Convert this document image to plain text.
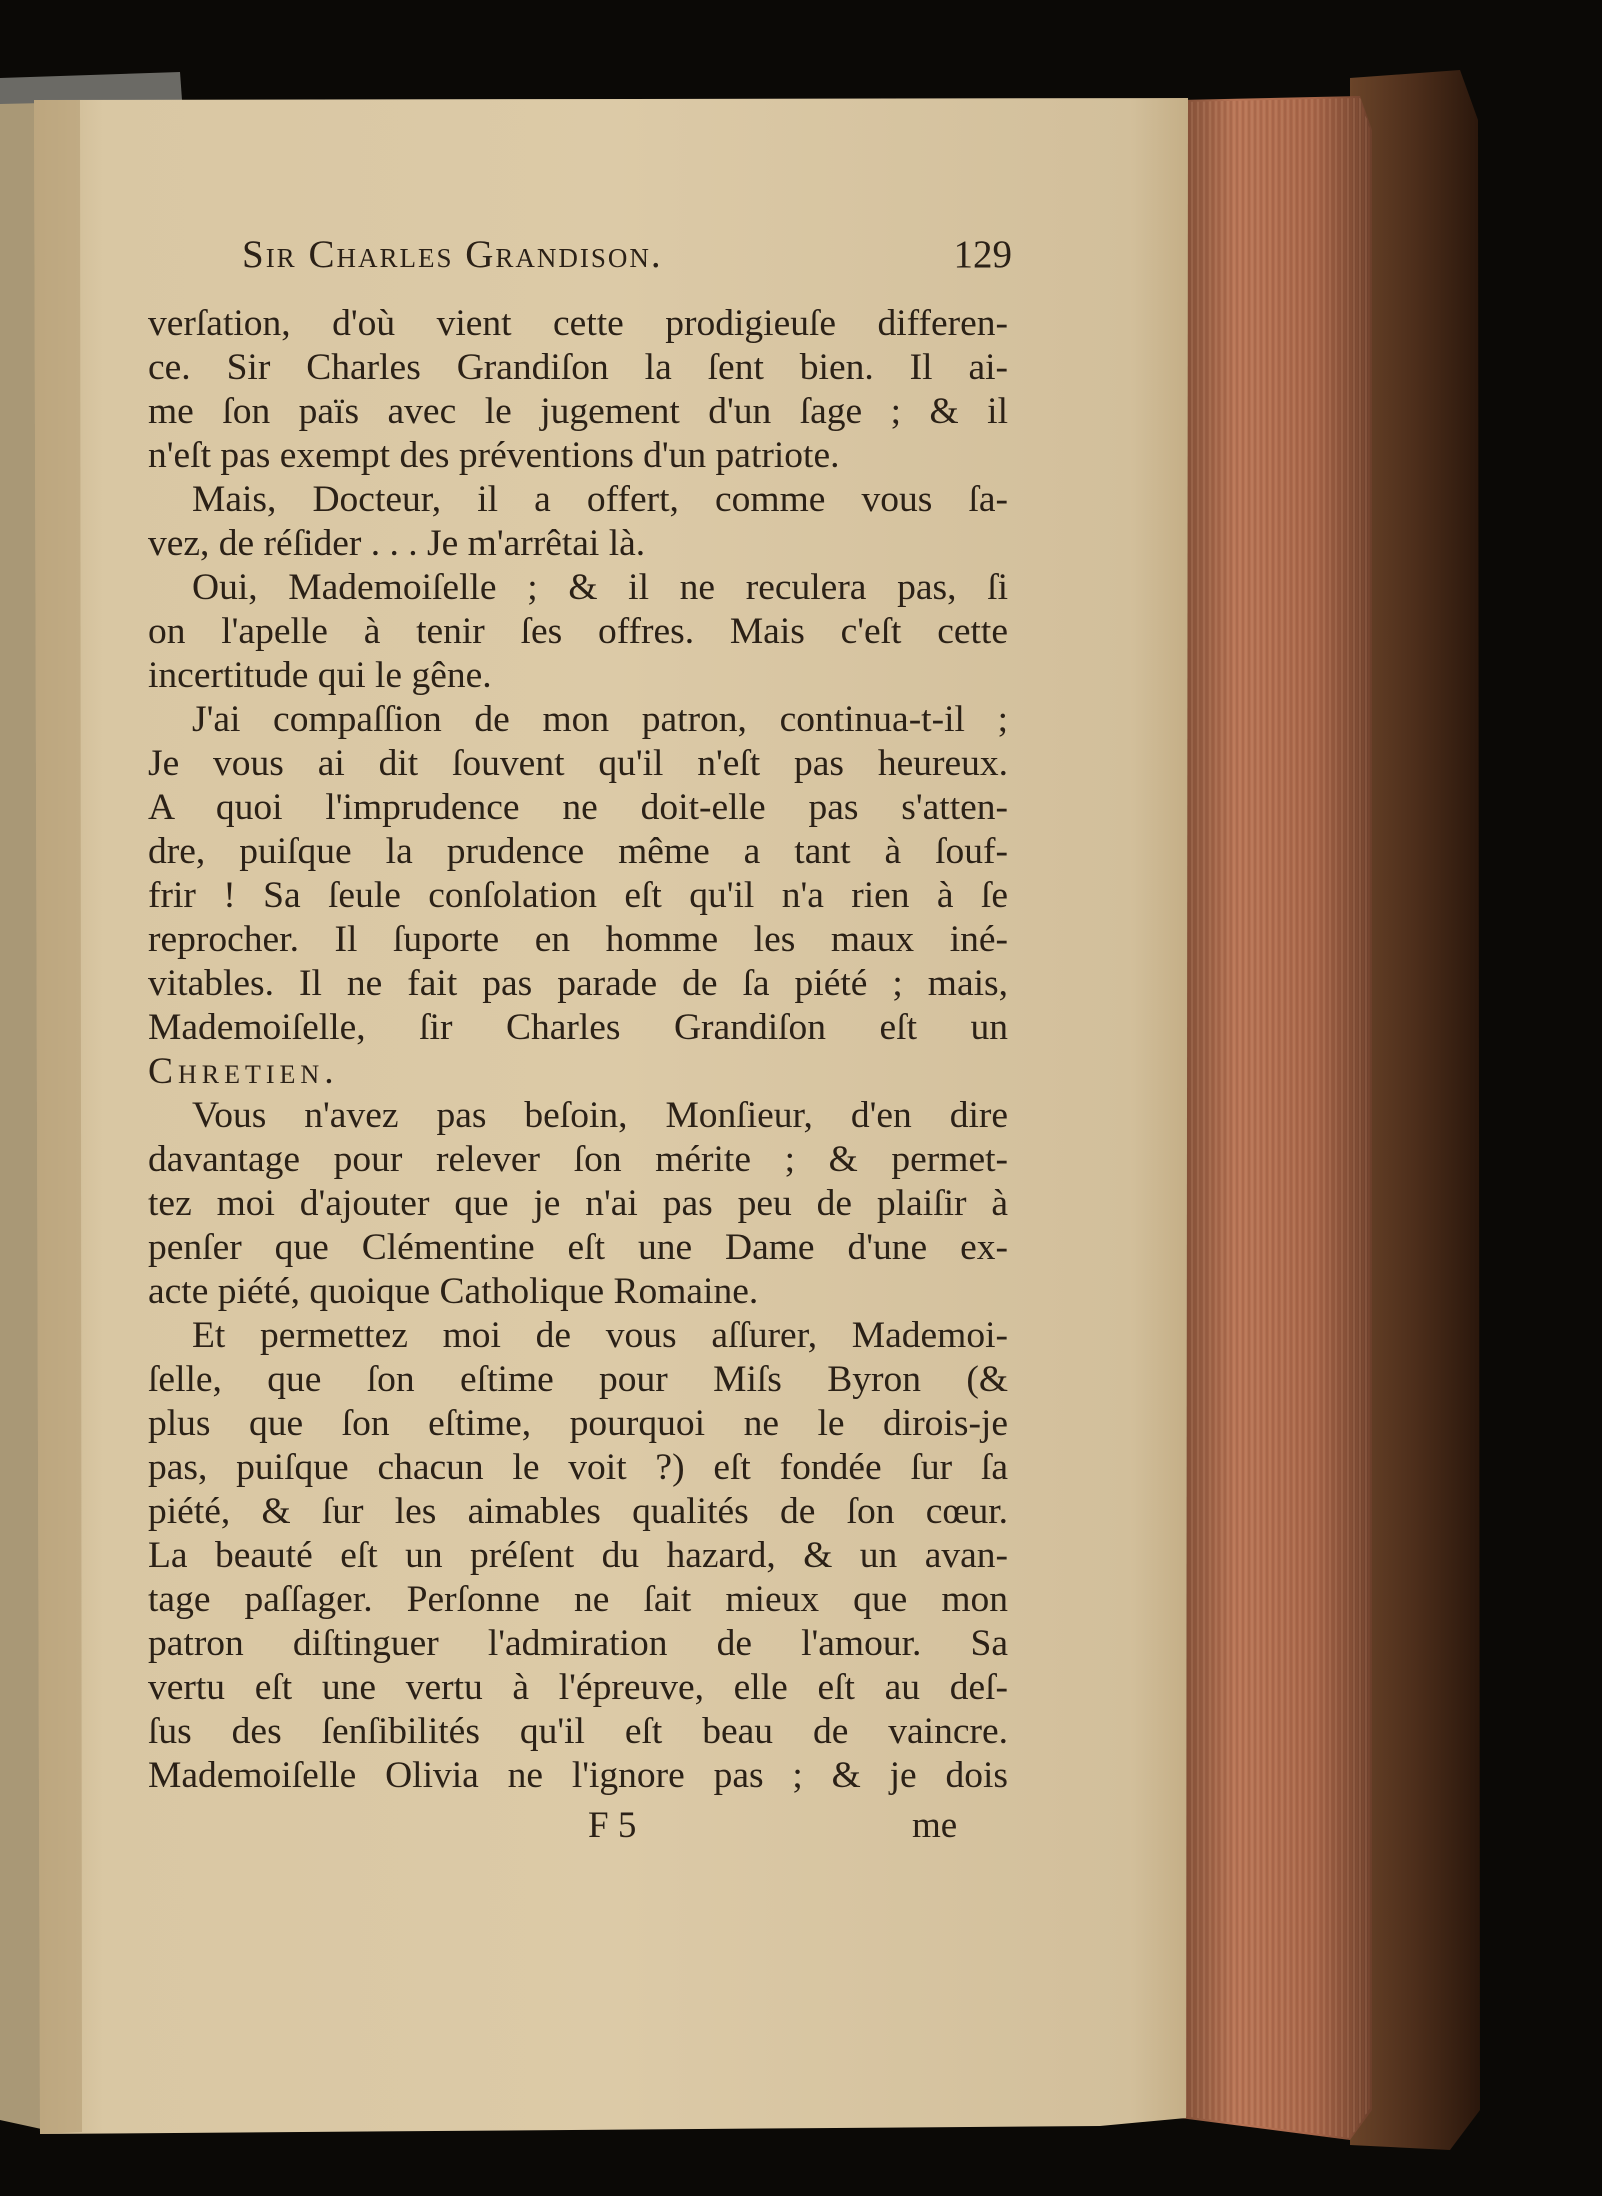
Sir Charles Grandison.	129
verſation, d'où vient cette prodigieuſe differen-
ce. Sir Charles Grandiſon la ſent bien. Il ai-
me ſon païs avec le jugement d'un ſage ; & il
n'eſt pas exempt des préventions d'un patriote.
Mais, Docteur, il a offert, comme vous ſa-
vez, de réſider . . . Je m'arrêtai là.
Oui, Mademoiſelle ; & il ne reculera pas, ſi
on l'apelle à tenir ſes offres. Mais c'eſt cette
incertitude qui le gêne.
J'ai compaſſion de mon patron, continua-t-il ;
Je vous ai dit ſouvent qu'il n'eſt pas heureux.
A quoi l'imprudence ne doit-elle pas s'atten-
dre, puiſque la prudence même a tant à ſouf-
frir ! Sa ſeule conſolation eſt qu'il n'a rien à ſe
reprocher. Il ſuporte en homme les maux iné-
vitables. Il ne fait pas parade de ſa piété ; mais,
Mademoiſelle, ſir Charles Grandiſon eſt un
Chretien.
Vous n'avez pas beſoin, Monſieur, d'en dire
davantage pour relever ſon mérite ; & permet-
tez moi d'ajouter que je n'ai pas peu de plaiſir à
penſer que Clémentine eſt une Dame d'une ex-
acte piété, quoique Catholique Romaine.
Et permettez moi de vous aſſurer, Mademoi-
ſelle, que ſon eſtime pour Miſs Byron (&
plus que ſon eſtime, pourquoi ne le dirois-je
pas, puiſque chacun le voit ?) eſt fondée ſur ſa
piété, & ſur les aimables qualités de ſon cœur.
La beauté eſt un préſent du hazard, & un avan-
tage paſſager. Perſonne ne ſait mieux que mon
patron diſtinguer l'admiration de l'amour. Sa
vertu eſt une vertu à l'épreuve, elle eſt au deſ-
ſus des ſenſibilités qu'il eſt beau de vaincre.
Mademoiſelle Olivia ne l'ignore pas ; & je dois
F 5	me
